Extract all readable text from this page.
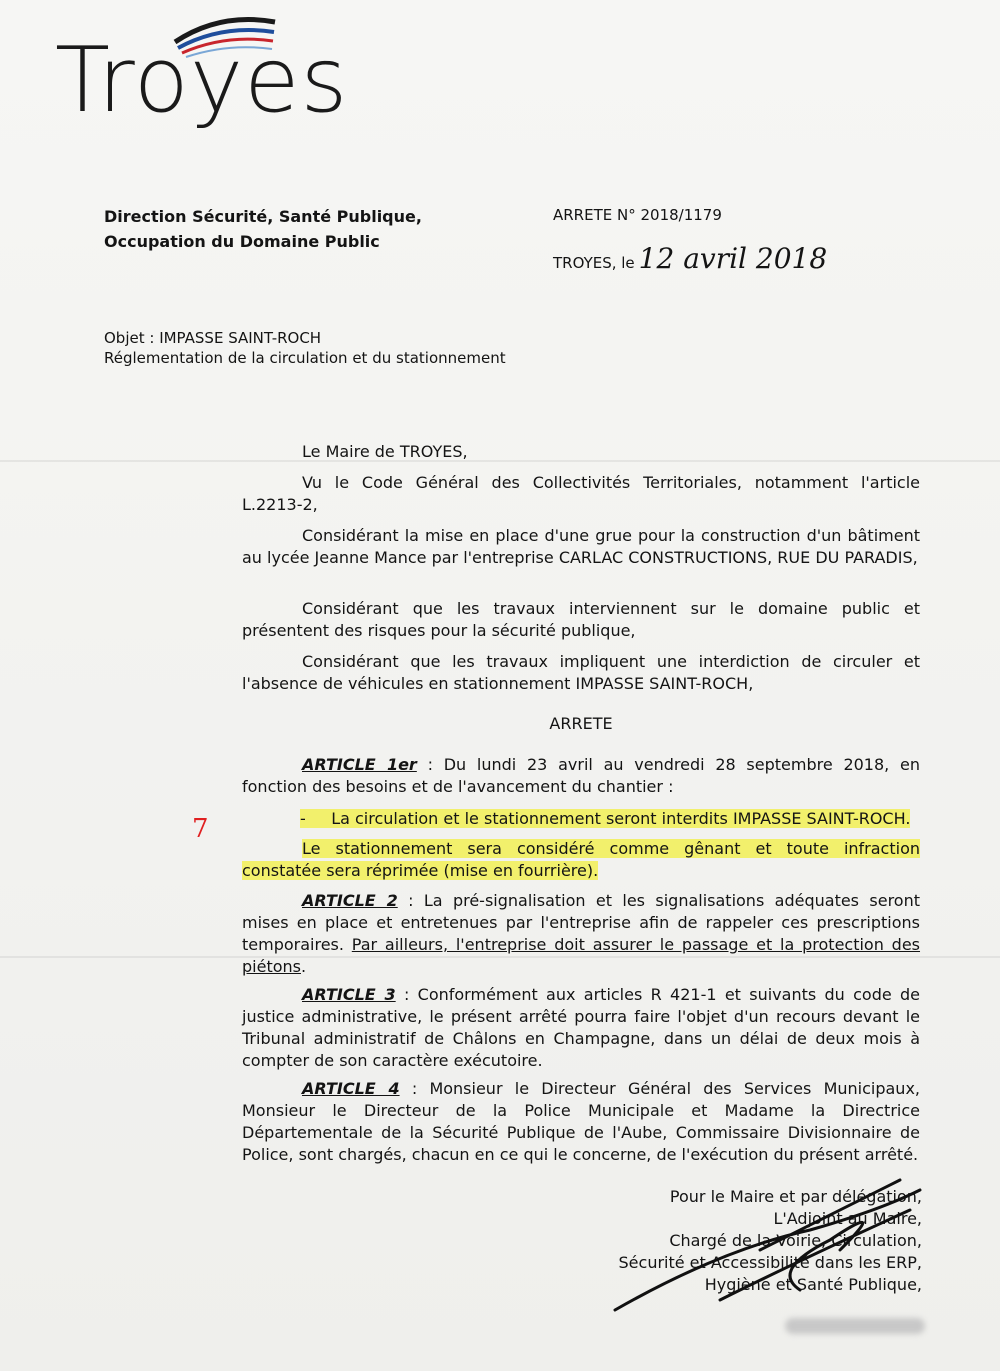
Troyes
Direction Sécurité, Santé Publique,
Occupation du Domaine Public
ARRETE N° 2018/1179
TROYES, le 12 avril 2018
Objet : IMPASSE SAINT-ROCH
Réglementation de la circulation et du stationnement
Le Maire de TROYES,
Vu le Code Général des Collectivités Territoriales, notamment l'article L.2213-2,
Considérant la mise en place d'une grue pour la construction d'un bâtiment au lycée Jeanne Mance par l'entreprise CARLAC CONSTRUCTIONS, RUE DU PARADIS,
Considérant que les travaux interviennent sur le domaine public et présentent des risques pour la sécurité publique,
Considérant que les travaux impliquent une interdiction de circuler et l'absence de véhicules en stationnement IMPASSE SAINT-ROCH,
ARRETE
ARTICLE 1er : Du lundi 23 avril au vendredi 28 septembre 2018, en fonction des besoins et de l'avancement du chantier :
-     La circulation et le stationnement seront interdits IMPASSE SAINT-ROCH.
Le stationnement sera considéré comme gênant et toute infraction constatée sera réprimée (mise en fourrière).
ARTICLE 2 : La pré-signalisation et les signalisations adéquates seront mises en place et entretenues par l'entreprise afin de rappeler ces prescriptions temporaires. Par ailleurs, l'entreprise doit assurer le passage et la protection des piétons.
ARTICLE 3 : Conformément aux articles R 421-1 et suivants du code de justice administrative, le présent arrêté pourra faire l'objet d'un recours devant le Tribunal administratif de Châlons en Champagne, dans un délai de deux mois à compter de son caractère exécutoire.
ARTICLE 4 : Monsieur le Directeur Général des Services Municipaux, Monsieur le Directeur de la Police Municipale et Madame la Directrice Départementale de la Sécurité Publique de l'Aube, Commissaire Divisionnaire de Police, sont chargés, chacun en ce qui le concerne, de l'exécution du présent arrêté.
7
Pour le Maire et par délégation,
L'Adjoint au Maire,
Chargé de la Voirie, Circulation,
Sécurité et Accessibilité dans les ERP,
Hygiène et Santé Publique,
